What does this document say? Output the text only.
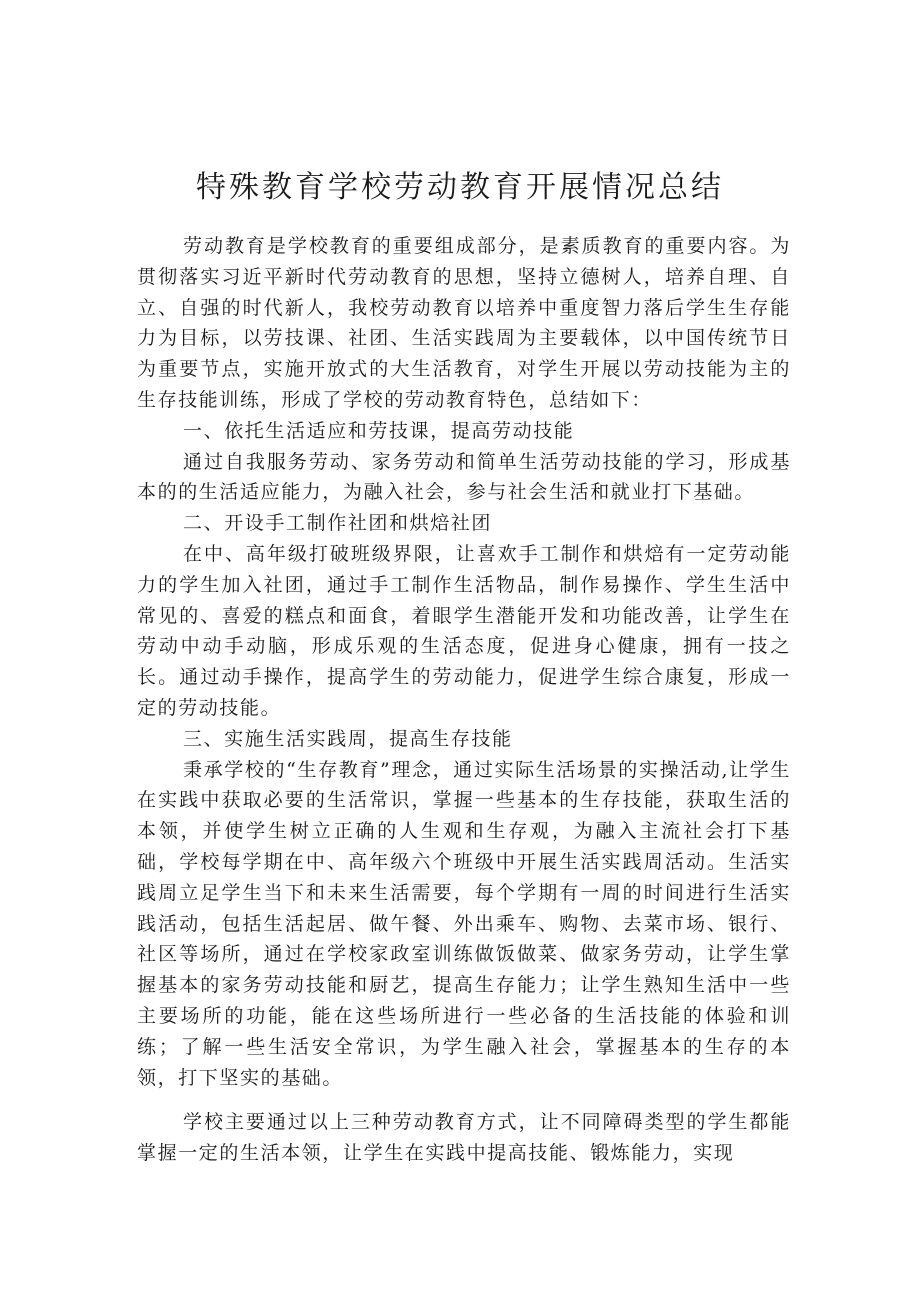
特殊教育学校劳动教育开展情况总结

劳动教育是学校教育的重要组成部分，是素质教育的重要内容。为贯彻落实习近平新时代劳动教育的思想，坚持立德树人，培养自理、自立、自强的时代新人，我校劳动教育以培养中重度智力落后学生生存能力为目标，以劳技课、社团、生活实践周为主要载体，以中国传统节日为重要节点，实施开放式的大生活教育，对学生开展以劳动技能为主的生存技能训练，形成了学校的劳动教育特色，总结如下：

一、依托生活适应和劳技课，提高劳动技能

通过自我服务劳动、家务劳动和简单生活劳动技能的学习，形成基本的的生活适应能力，为融入社会，参与社会生活和就业打下基础。

二、开设手工制作社团和烘焙社团

在中、高年级打破班级界限，让喜欢手工制作和烘焙有一定劳动能力的学生加入社团，通过手工制作生活物品，制作易操作、学生生活中常见的、喜爱的糕点和面食，着眼学生潜能开发和功能改善，让学生在劳动中动手动脑，形成乐观的生活态度，促进身心健康，拥有一技之长。通过动手操作，提高学生的劳动能力，促进学生综合康复，形成一定的劳动技能。

三、实施生活实践周，提高生存技能

秉承学校的“生存教育”理念，通过实际生活场景的实操活动,让学生在实践中获取必要的生活常识，掌握一些基本的生存技能，获取生活的本领，并使学生树立正确的人生观和生存观，为融入主流社会打下基础，学校每学期在中、高年级六个班级中开展生活实践周活动。生活实践周立足学生当下和未来生活需要，每个学期有一周的时间进行生活实践活动，包括生活起居、做午餐、外出乘车、购物、去菜市场、银行、社区等场所，通过在学校家政室训练做饭做菜、做家务劳动，让学生掌握基本的家务劳动技能和厨艺，提高生存能力；让学生熟知生活中一些主要场所的功能，能在这些场所进行一些必备的生活技能的体验和训练；了解一些生活安全常识，为学生融入社会，掌握基本的生存的本领，打下坚实的基础。

学校主要通过以上三种劳动教育方式，让不同障碍类型的学生都能掌握一定的生活本领，让学生在实践中提高技能、锻炼能力，实现
